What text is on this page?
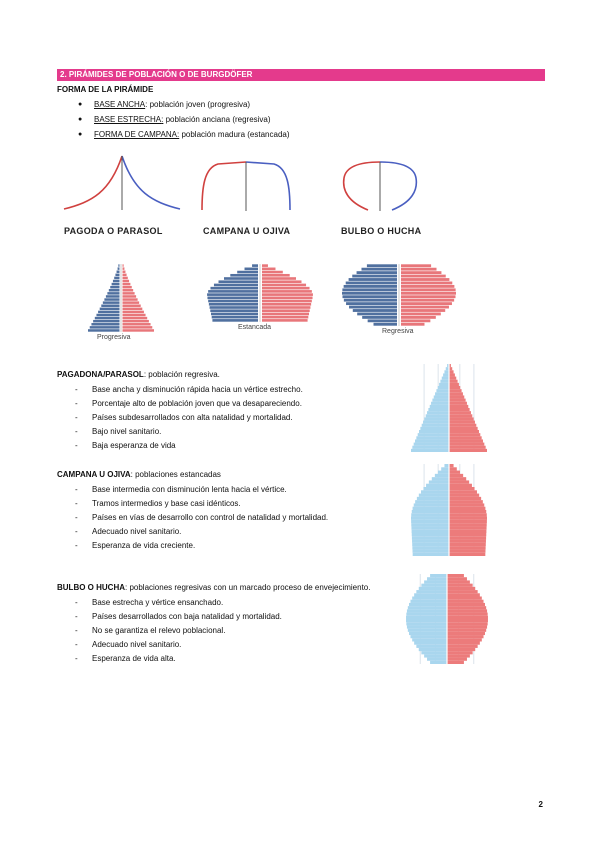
2. PIRÁMIDES DE POBLACIÓN O DE BURGDÖFER
FORMA DE LA PIRÁMIDE
● BASE ANCHA: población joven (progresiva)
● BASE ESTRECHA: población anciana (regresiva)
● FORMA DE CAMPANA: población madura (estancada)
PAGODA O PARASOL	CAMPANA U OJIVA	BULBO O HUCHA
Progresiva
Estancada
Regresiva
PAGADONA/PARASOL: población regresiva.
- Base ancha y disminución rápida hacia un vértice estrecho.
- Porcentaje alto de población joven que va desapareciendo.
- Países subdesarrollados con alta natalidad y mortalidad.
- Bajo nivel sanitario.
- Baja esperanza de vida
CAMPANA U OJIVA: poblaciones estancadas
- Base intermedia con disminución lenta hacia el vértice.
- Tramos intermedios y base casi idénticos.
- Países en vías de desarrollo con control de natalidad y mortalidad.
- Adecuado nivel sanitario.
- Esperanza de vida creciente.
BULBO O HUCHA: poblaciones regresivas con un marcado proceso de envejecimiento.
- Base estrecha y vértice ensanchado.
- Países desarrollados con baja natalidad y mortalidad.
- No se garantiza el relevo poblacional.
- Adecuado nivel sanitario.
- Esperanza de vida alta.
2
